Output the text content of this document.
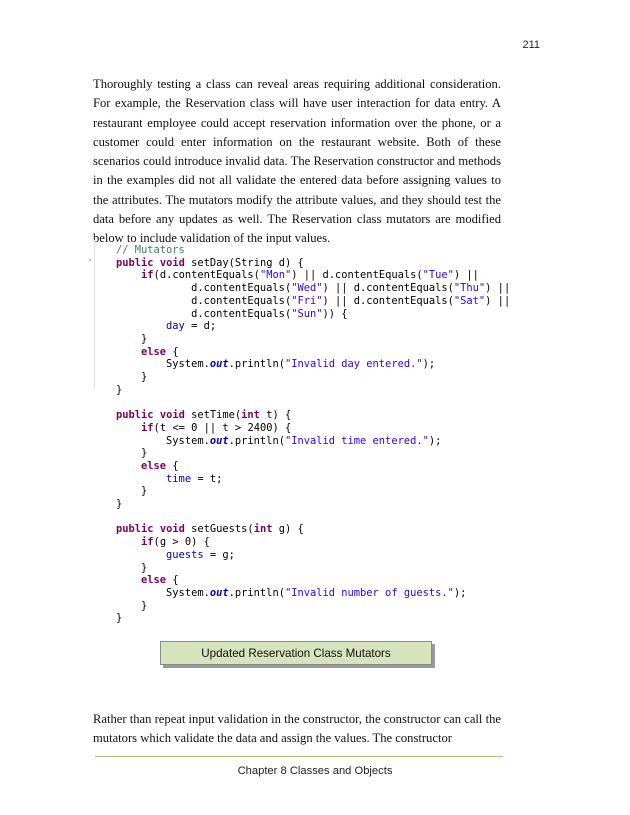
211

Thoroughly testing a class can reveal areas requiring additional consideration. For example, the Reservation class will have user interaction for data entry. A restaurant employee could accept reservation information over the phone, or a customer could enter information on the restaurant website. Both of these scenarios could introduce invalid data. The Reservation constructor and methods in the examples did not all validate the entered data before assigning values to the attributes. The mutators modify the attribute values, and they should test the data before any updates as well. The Reservation class mutators are modified below to include validation of the input values.

// Mutators
public void setDay(String d) {
if(d.contentEquals("Mon") || d.contentEquals("Tue") ||
d.contentEquals("Wed") || d.contentEquals("Thu") ||
d.contentEquals("Fri") || d.contentEquals("Sat") ||
d.contentEquals("Sun")) {
day = d;
}
else {
System.out.println("Invalid day entered.");
}
}

public void setTime(int t) {
if(t <= 0 || t > 2400) {
System.out.println("Invalid time entered.");
}
else {
time = t;
}
}

public void setGuests(int g) {
if(g > 0) {
guests = g;
}
else {
System.out.println("Invalid number of guests.");
}
}
Updated Reservation Class Mutators

Rather than repeat input validation in the constructor, the constructor can call the mutators which validate the data and assign the values. The constructor

Chapter 8 Classes and Objects
